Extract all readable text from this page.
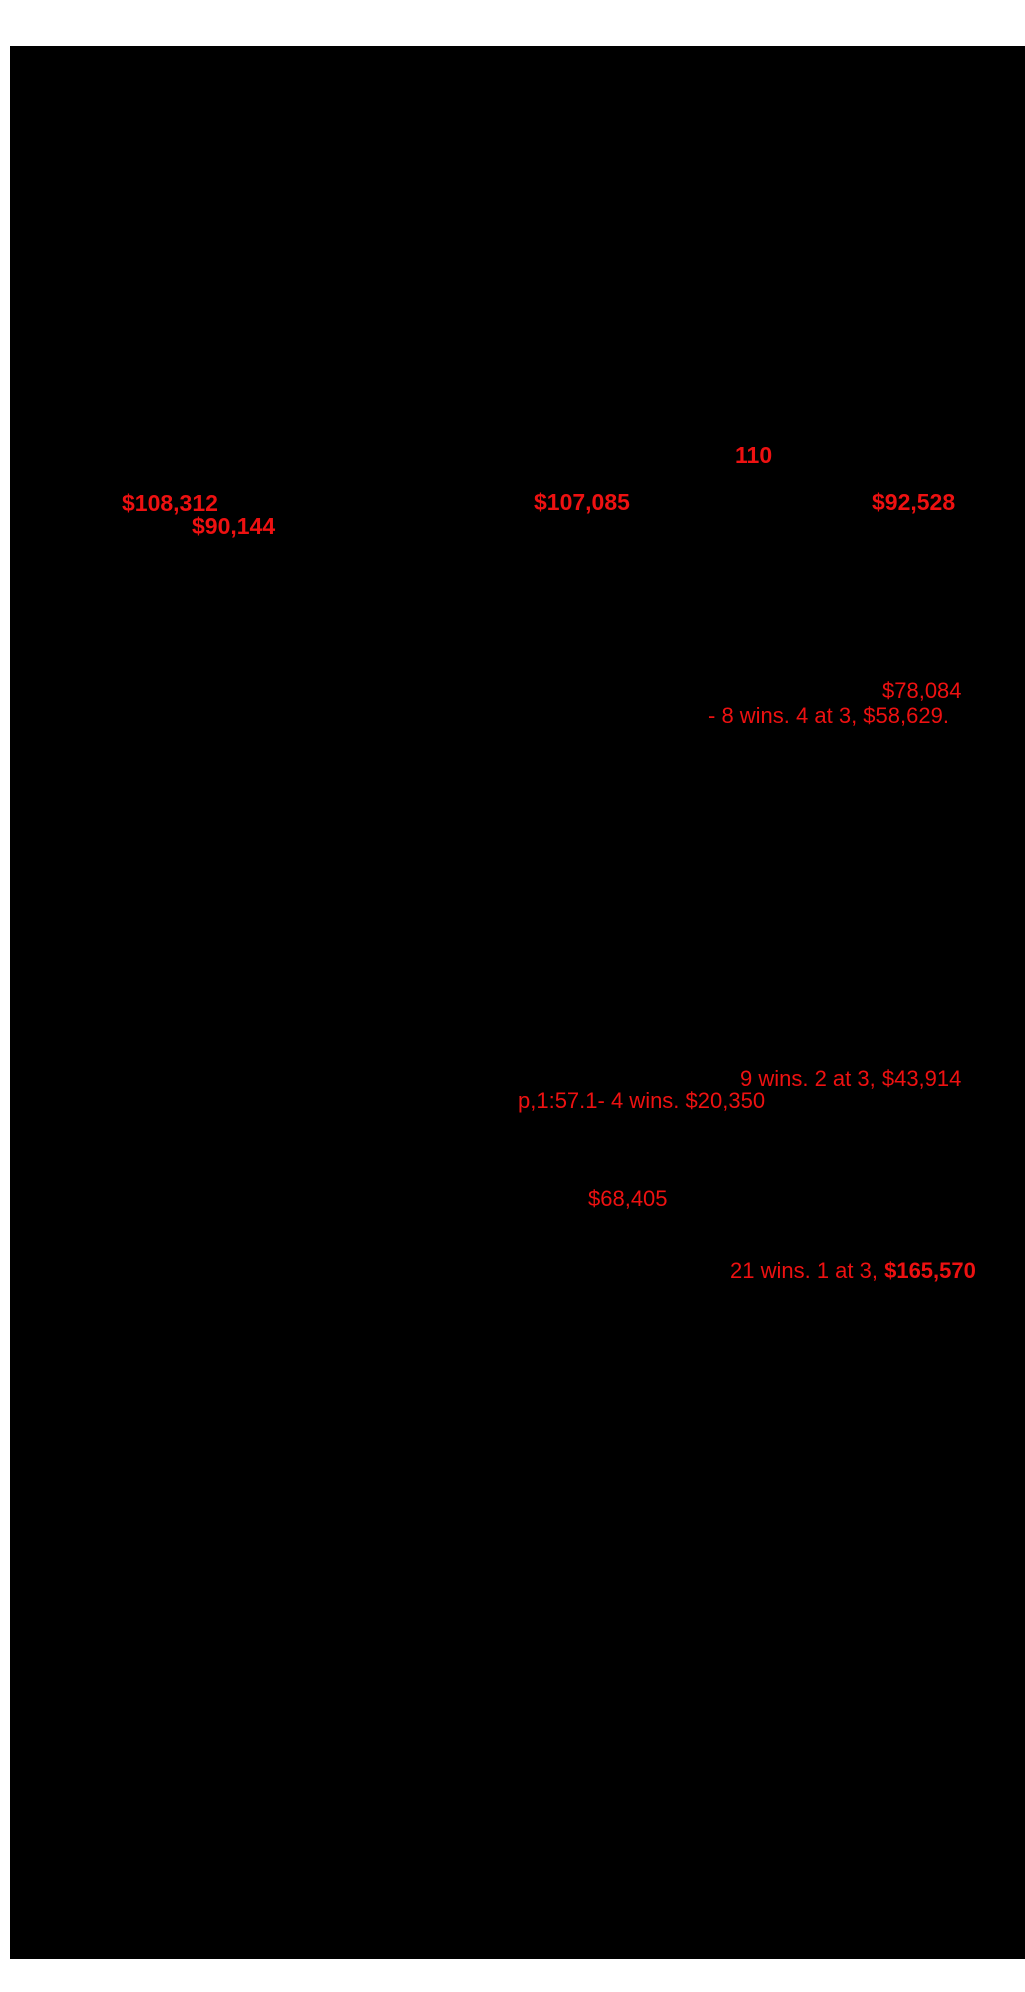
110
$108,312	$107,085	$92,528
$90,144
$78,084
- 8 wins. 4 at 3, $58,629.
9 wins. 2 at 3, $43,914
p,1:57.1- 4 wins. $20,350
$68,405
21 wins. 1 at 3, $165,570
